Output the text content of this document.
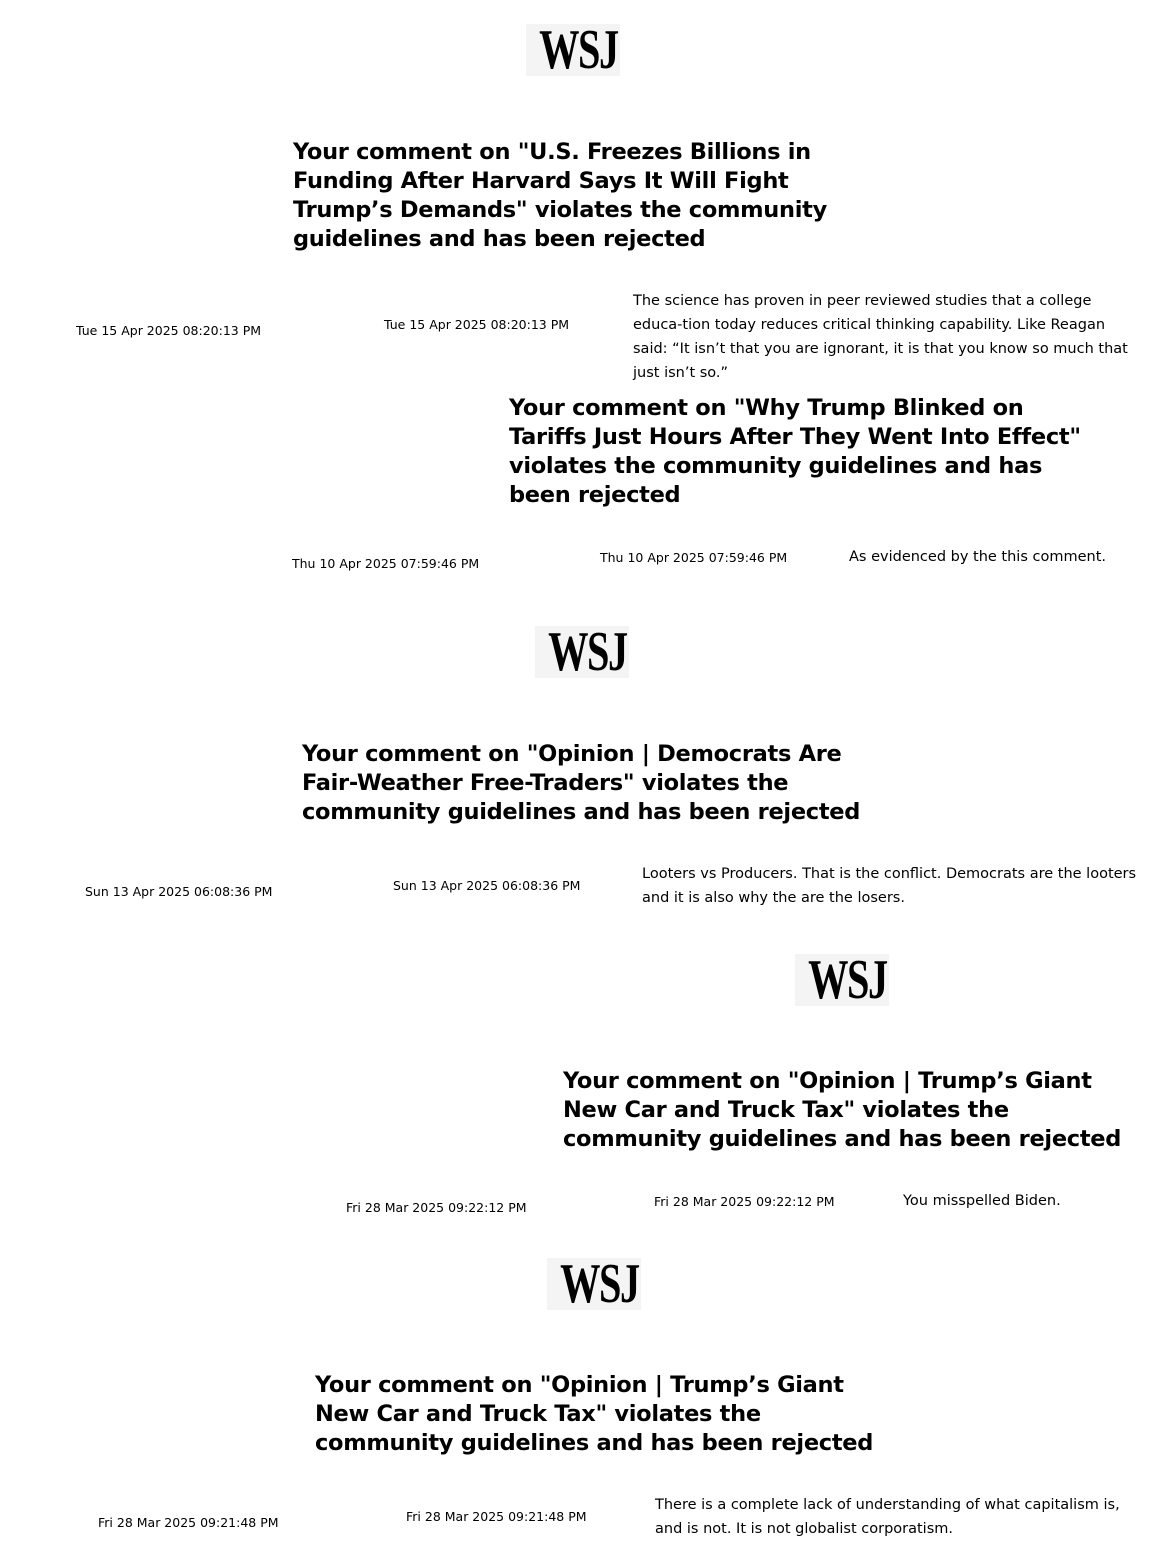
WSJ
Your comment on "U.S. Freezes Billions in Funding After Harvard Says It Will Fight Trump’s Demands" violates the community guidelines and has been rejected
Tue 15 Apr 2025 08:20:13 PM	Tue 15 Apr 2025 08:20:13 PM
The science has proven in peer reviewed studies that a college educa-tion today reduces critical thinking capability. Like Reagan said: “It isn’t that you are ignorant, it is that you know so much that just isn’t so.”
Your comment on "Why Trump Blinked on Tariffs Just Hours After They Went Into Effect" violates the community guidelines and has been rejected
Thu 10 Apr 2025 07:59:46 PM	Thu 10 Apr 2025 07:59:46 PM	As evidenced by the this comment.
WSJ
Your comment on "Opinion | Democrats Are Fair-Weather Free-Traders" violates the community guidelines and has been rejected
Sun 13 Apr 2025 06:08:36 PM	Sun 13 Apr 2025 06:08:36 PM
Looters vs Producers. That is the conflict. Democrats are the looters and it is also why the are the losers.
WSJ
Your comment on "Opinion | Trump’s Giant New Car and Truck Tax" violates the community guidelines and has been rejected
Fri 28 Mar 2025 09:22:12 PM	Fri 28 Mar 2025 09:22:12 PM	You misspelled Biden.
WSJ
Your comment on "Opinion | Trump’s Giant New Car and Truck Tax" violates the community guidelines and has been rejected
Fri 28 Mar 2025 09:21:48 PM	Fri 28 Mar 2025 09:21:48 PM
There is a complete lack of understanding of what capitalism is, and is not. It is not globalist corporatism.
